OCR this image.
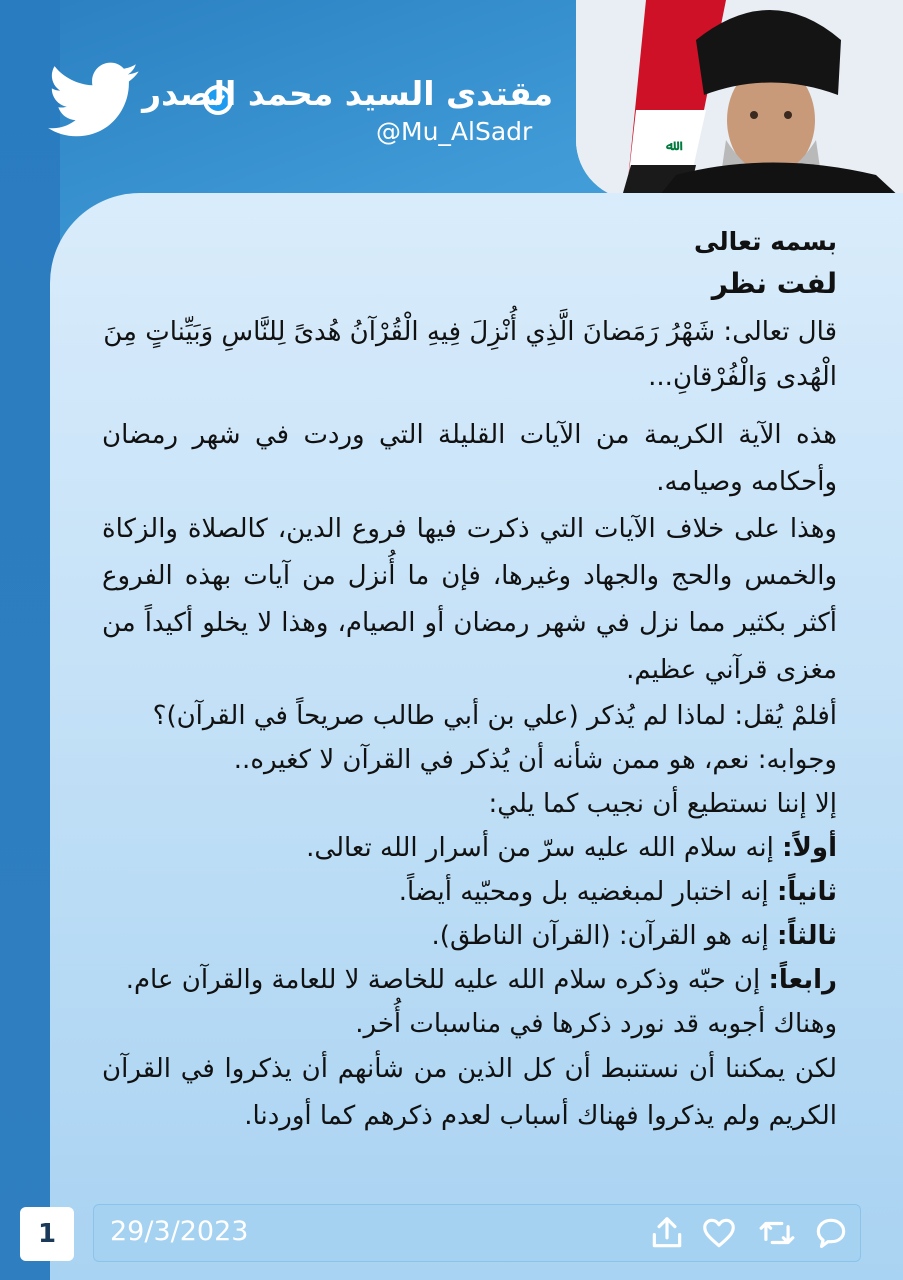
مقتدى السيد محمد الصدر
@Mu_AlSadr	ﷲ

بسمه تعالى

لفت نظر

قال تعالى: شَهْرُ رَمَضانَ الَّذِي أُنْزِلَ فِيهِ الْقُرْآنُ هُدىً لِلنَّاسِ وَبَيِّناتٍ مِنَ الْهُدى وَالْفُرْقانِ...

هذه الآية الكريمة من الآيات القليلة التي وردت في شهر رمضان وأحكامه وصيامه.

وهذا على خلاف الآيات التي ذكرت فيها فروع الدين، كالصلاة والزكاة والخمس والحج والجهاد وغيرها، فإن ما أُنزل من آيات بهذه الفروع أكثر بكثير مما نزل في شهر رمضان أو الصيام، وهذا لا يخلو أكيداً من مغزى قرآني عظيم.

أفلمْ يُقل: لماذا لم يُذكر (علي بن أبي طالب صريحاً في القرآن)؟

وجوابه: نعم، هو ممن شأنه أن يُذكر في القرآن لا كغيره..

إلا إننا نستطيع أن نجيب كما يلي:

أولاً: إنه سلام الله عليه سرّ من أسرار الله تعالى.

ثانياً: إنه اختبار لمبغضيه بل ومحبّيه أيضاً.

ثالثاً: إنه هو القرآن: (القرآن الناطق).

رابعاً: إن حبّه وذكره سلام الله عليه للخاصة لا للعامة والقرآن عام.

وهناك أجوبه قد نورد ذكرها في مناسبات أُخر.

لكن يمكننا أن نستنبط أن كل الذين من شأنهم أن يذكروا في القرآن الكريم ولم يذكروا فهناك أسباب لعدم ذكرهم كما أوردنا.

29/3/2023
1
